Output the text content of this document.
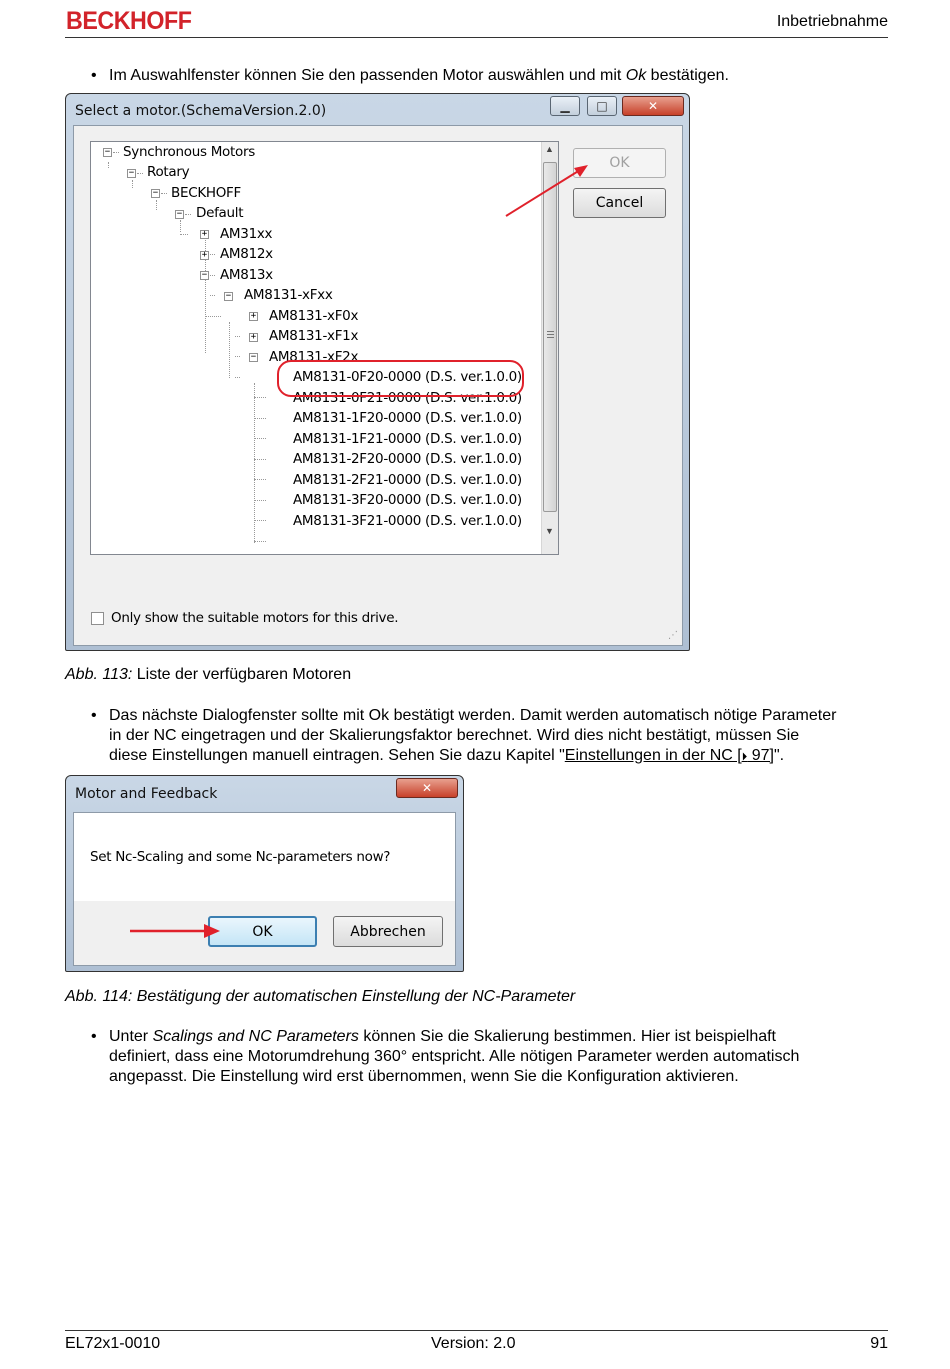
BECKHOFF	Inbetriebnahme
• Im Auswahlfenster können Sie den passenden Motor auswählen und mit Ok bestätigen.
Select a motor.(SchemaVersion.2.0)	▁	□	✕
−
−
−
−
+
+
−
−
+
+
−
Synchronous Motors
Rotary
BECKHOFF
Default
AM31xx
AM812x
AM813x
AM8131-xFxx
AM8131-xF0x
AM8131-xF1x
AM8131-xF2x
AM8131-0F20-0000 (D.S. ver.1.0.0)
AM8131-0F21-0000 (D.S. ver.1.0.0)
AM8131-1F20-0000 (D.S. ver.1.0.0)
AM8131-1F21-0000 (D.S. ver.1.0.0)
AM8131-2F20-0000 (D.S. ver.1.0.0)
AM8131-2F21-0000 (D.S. ver.1.0.0)
AM8131-3F20-0000 (D.S. ver.1.0.0)
AM8131-3F21-0000 (D.S. ver.1.0.0)
▲
▼
OK
Cancel
Only show the suitable motors for this drive.
⋰
Abb. 113: Liste der verfügbaren Motoren
• Das nächste Dialogfenster sollte mit Ok bestätigt werden. Damit werden automatisch nötige Parameter
in der NC eingetragen und der Skalierungsfaktor berechnet. Wird dies nicht bestätigt, müssen Sie
diese Einstellungen manuell eintragen. Sehen Sie dazu Kapitel "Einstellungen in der NC [⏵ 97]".
Motor and Feedback	✕
Set Nc-Scaling and some Nc-parameters now?
OK	Abbrechen
Abb. 114: Bestätigung der automatischen Einstellung der NC-Parameter
• Unter Scalings and NC Parameters können Sie die Skalierung bestimmen. Hier ist beispielhaft
definiert, dass eine Motorumdrehung 360° entspricht. Alle nötigen Parameter werden automatisch
angepasst. Die Einstellung wird erst übernommen, wenn Sie die Konfiguration aktivieren.
EL72x1-0010	Version: 2.0	91
